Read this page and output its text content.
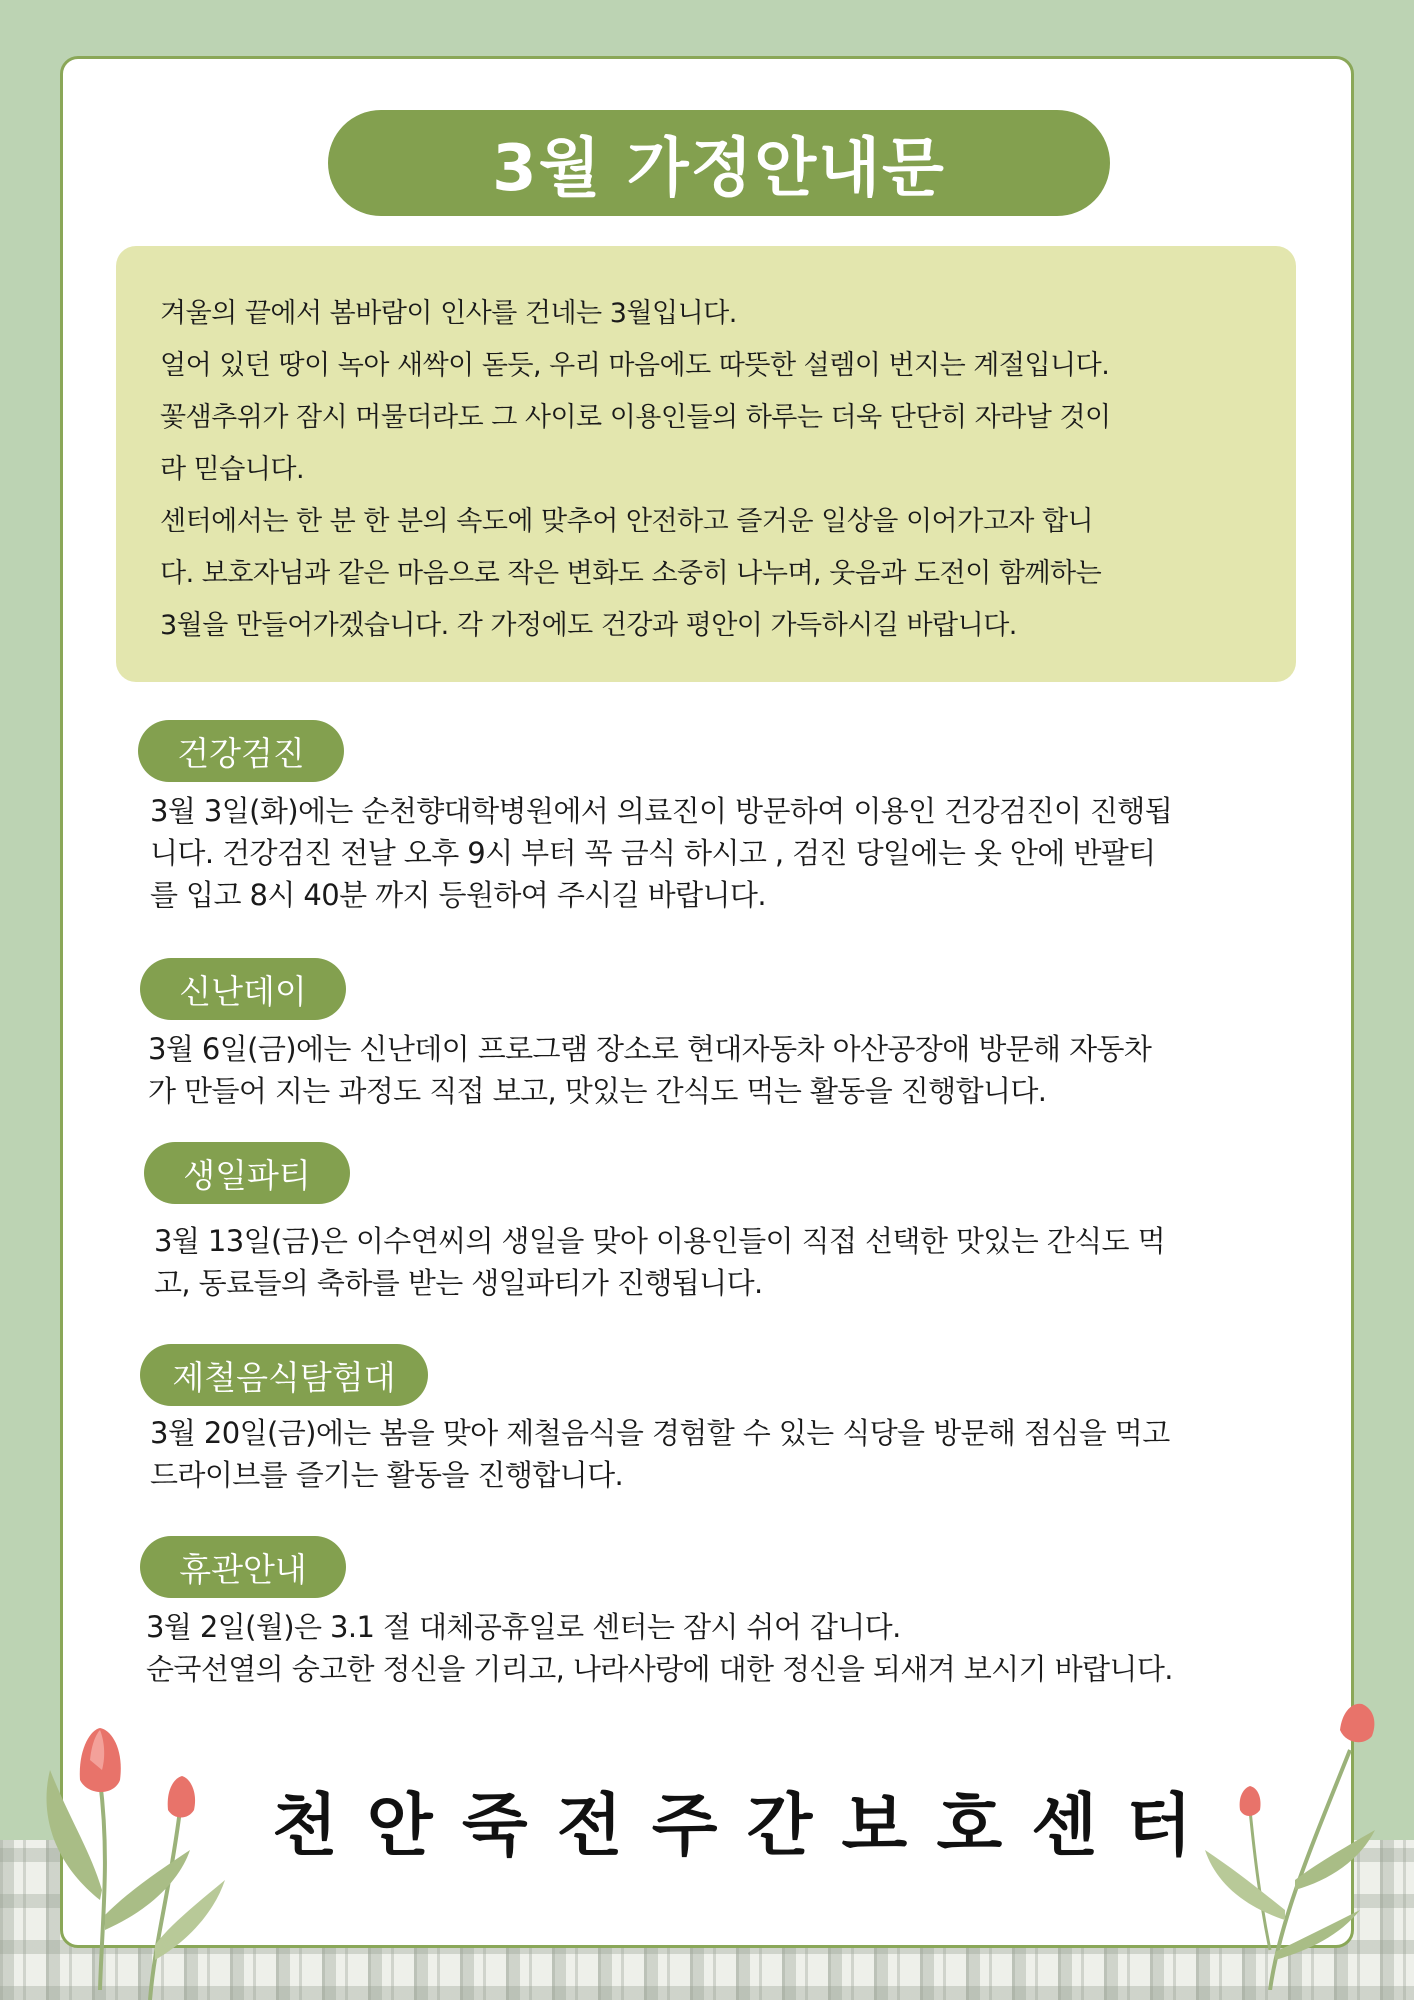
3월 가정안내문

겨울의 끝에서 봄바람이 인사를 건네는 3월입니다.

얼어 있던 땅이 녹아 새싹이 돋듯, 우리 마음에도 따뜻한 설렘이 번지는 계절입니다.

꽃샘추위가 잠시 머물더라도 그 사이로 이용인들의 하루는 더욱 단단히 자라날 것이

라 믿습니다.

센터에서는 한 분 한 분의 속도에 맞추어 안전하고 즐거운 일상을 이어가고자 합니

다. 보호자님과 같은 마음으로 작은 변화도 소중히 나누며, 웃음과 도전이 함께하는

3월을 만들어가겠습니다. 각 가정에도 건강과 평안이 가득하시길 바랍니다.

건강검진
3월 3일(화)에는 순천향대학병원에서 의료진이 방문하여 이용인 건강검진이 진행됩
니다. 건강검진 전날 오후 9시 부터 꼭 금식 하시고 , 검진 당일에는 옷 안에 반팔티
를 입고 8시 40분 까지 등원하여 주시길 바랍니다.
신난데이
3월 6일(금)에는 신난데이 프로그램 장소로 현대자동차 아산공장애 방문해 자동차
가 만들어 지는 과정도 직접 보고, 맛있는 간식도 먹는 활동을 진행합니다.
생일파티
3월 13일(금)은 이수연씨의 생일을 맞아 이용인들이 직접 선택한 맛있는 간식도 먹
고, 동료들의 축하를 받는 생일파티가 진행됩니다.
제철음식탐험대
3월 20일(금)에는 봄을 맞아 제철음식을 경험할 수 있는 식당을 방문해 점심을 먹고
드라이브를 즐기는 활동을 진행합니다.
휴관안내
3월 2일(월)은 3.1 절 대체공휴일로 센터는 잠시 쉬어 갑니다.
순국선열의 숭고한 정신을 기리고, 나라사랑에 대한 정신을 되새겨 보시기 바랍니다.
천 안 죽 전 주 간 보 호 센 터
